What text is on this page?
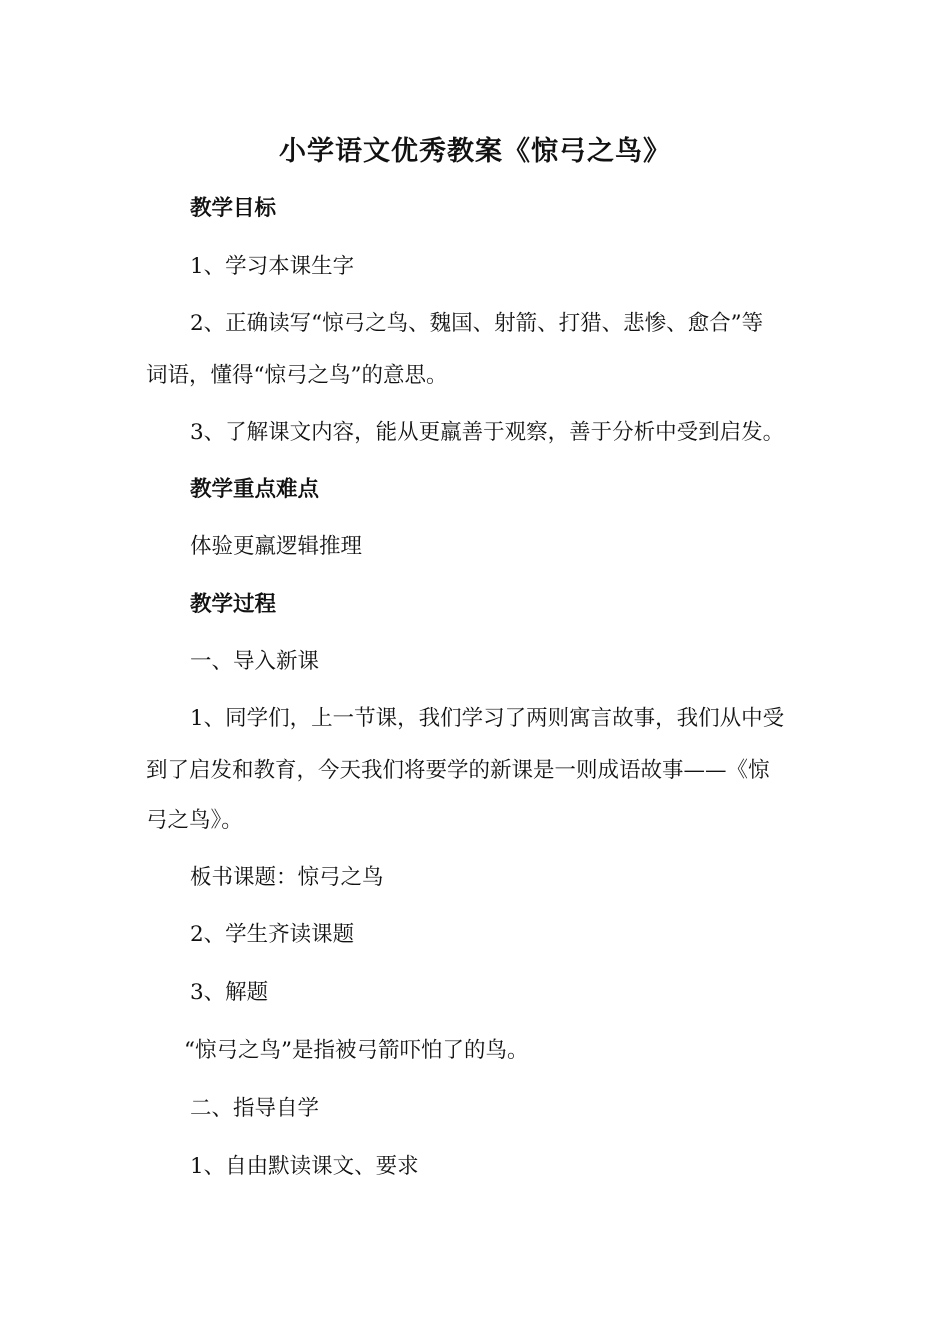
小学语文优秀教案《惊弓之鸟》
教学目标
1、学习本课生字
2、正确读写“惊弓之鸟、魏国、射箭、打猎、悲惨、愈合”等
词语，懂得“惊弓之鸟”的意思。
3、了解课文内容，能从更羸善于观察，善于分析中受到启发。
教学重点难点
体验更羸逻辑推理
教学过程
一、导入新课
1、同学们，上一节课，我们学习了两则寓言故事，我们从中受
到了启发和教育，今天我们将要学的新课是一则成语故事——《惊
弓之鸟》。
板书课题：惊弓之鸟
2、学生齐读课题
3、解题
“惊弓之鸟”是指被弓箭吓怕了的鸟。
二、指导自学
1、自由默读课文、要求
